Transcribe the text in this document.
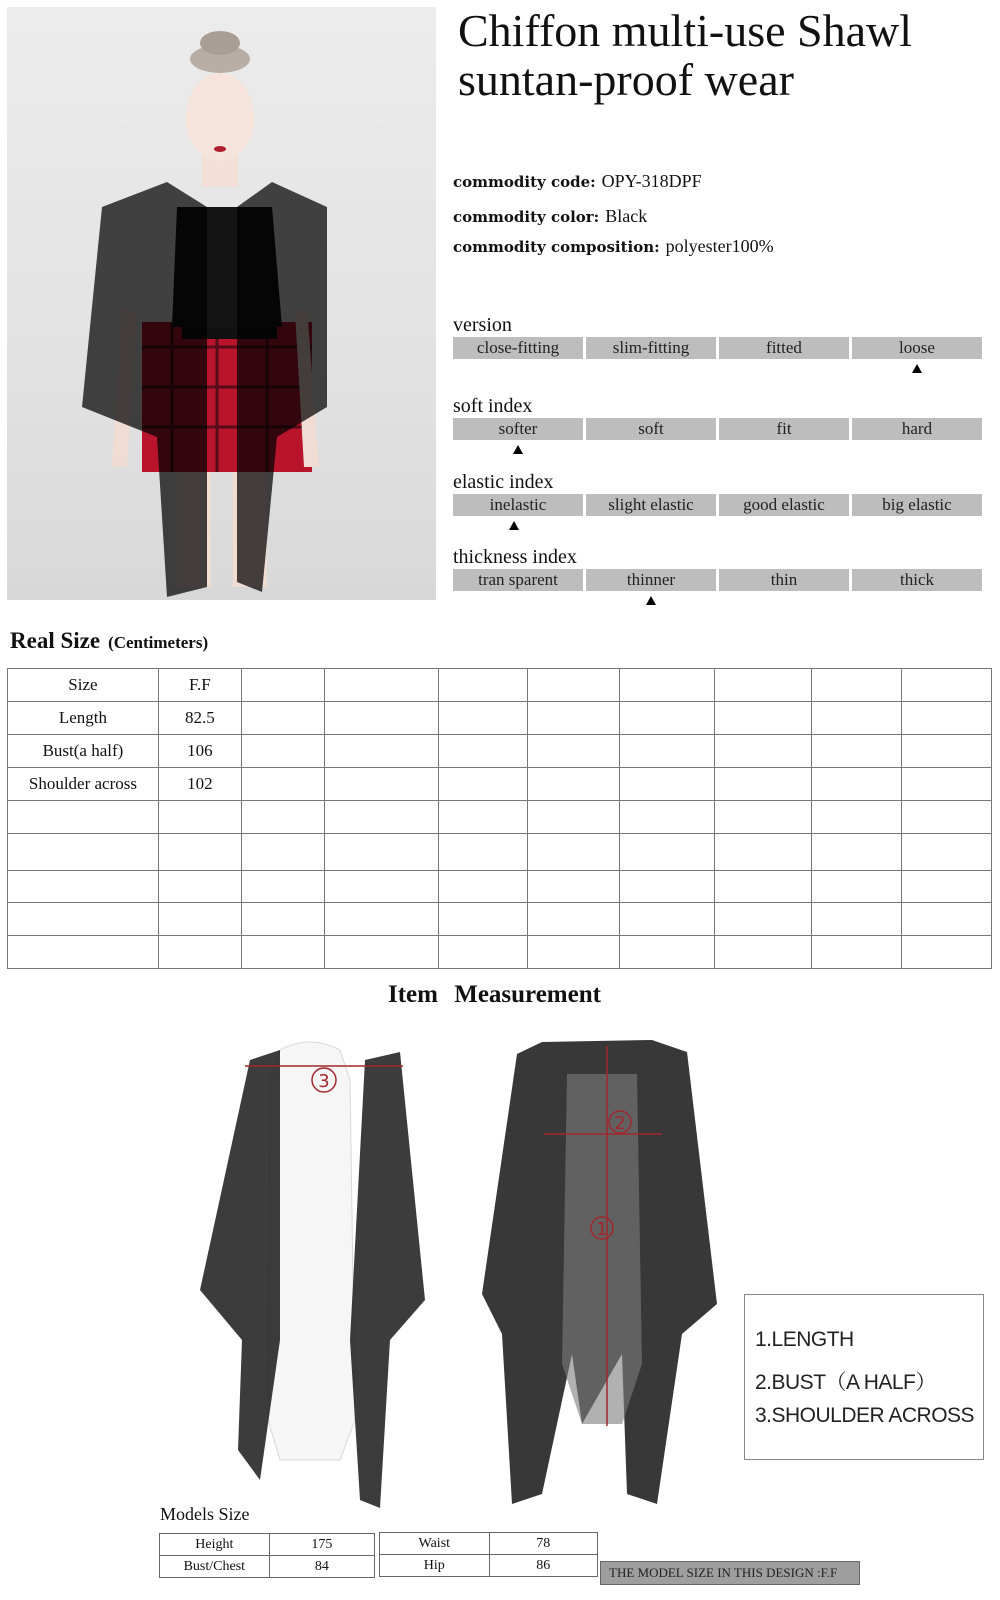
Chiffon multi-use Shawl
suntan-proof wear
commodity code: OPY-318DPF
commodity color: Black
commodity composition: polyester100%
version
close-fitting	slim-fitting	fitted	loose
soft index
softer	soft	fit	hard
elastic index
inelastic	slight elastic	good elastic	big elastic
thickness index
tran sparent	thinner	thin	thick
Real Size (Centimeters)
Size	F.F								
Length	82.5								
Bust(a half)	106								
Shoulder across	102								

Item Measurement
3
2
1
1.LENGTH
2.BUST（A HALF）
3.SHOULDER ACROSS
Models Size
Height	175
Bust/Chest	84
Waist	78
Hip	86	THE MODEL SIZE IN THIS DESIGN :F.F
